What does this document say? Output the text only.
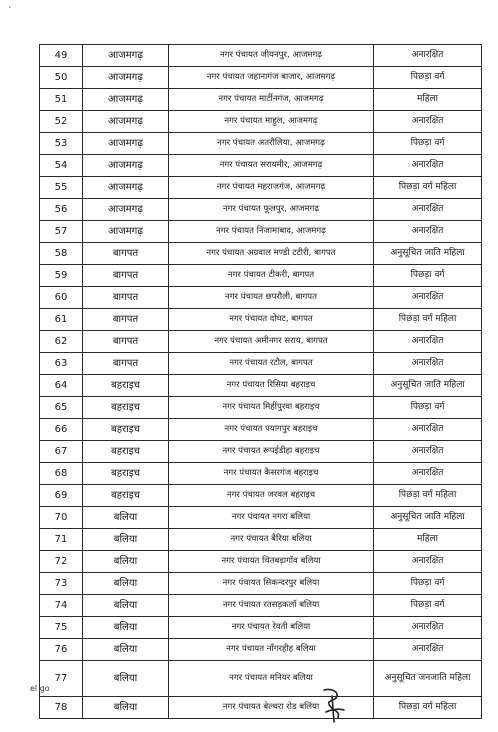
`
49	आजमगढ़	नगर पंचायत जीयनपुर, आजमगढ़	अनारक्षित
50	आजमगढ़	नगर पंचायत जहानागंज बाजार, आजमगढ़	पिछड़ा वर्ग
51	आजमगढ़	नगर पंचायत मार्टीनगंज, आजमगढ़	महिला
52	आजमगढ़	नगर पंचायत माहुल, आजमगढ़	अनारक्षित
53	आजमगढ़	नगर पंचायत अतरौलिया, आजमगढ़	पिछड़ा वर्ग
54	आजमगढ़	नगर पंचायत सरायमीर, आजमगढ़	अनारक्षित
55	आजमगढ़	नगर पंचायत महराजगंज, आजमगढ़	पिछड़ा वर्ग महिला
56	आजमगढ़	नगर पंचायत फूलपुर, आजमगढ़	अनारक्षित
57	आजमगढ़	नगर पंचायत निजामाबाद, आजमगढ़	अनारक्षित
58	बागपत	नगर पंचायत अग्रवाल मण्डी टटीरी, बागपत	अनुसूचित जाति महिला
59	बागपत	नगर पंचायत टीकरी, बागपत	पिछड़ा वर्ग
60	बागपत	नगर पंचायत छपरौली, बागपत	अनारक्षित
61	बागपत	नगर पंचायत दोघट, बागपत	पिछड़ा वर्ग महिला
62	बागपत	नगर पंचायत अमीनगर सराय, बागपत	अनारक्षित
63	बागपत	नगर पंचायत रटौल, बागपत	अनारक्षित
64	बहराइच	नगर पंचायत रिसिया बहराइच	अनुसूचित जाति महिला
65	बहराइच	नगर पंचायत मिहींपुरवा बहराइच	पिछड़ा वर्ग
66	बहराइच	नगर पंचायत पयागपुर बहराइच	अनारक्षित
67	बहराइच	नगर पंचायत रूपईडीहा बहराइच	अनारक्षित
68	बहराइच	नगर पंचायत कैसरगंज बहराइच	अनारक्षित
69	बहराइच	नगर पंचायत जरवल बहराइच	पिछड़ा वर्ग महिला
70	बलिया	नगर पंचायत नगरा बलिया	अनुसूचित जाति महिला
71	बलिया	नगर पंचायत बैरिया बलिया	महिला
72	बलिया	नगर पंचायत चितबड़ागॉव बलिया	अनारक्षित
73	बलिया	नगर पंचायत सिकन्दरपुर बलिया	पिछड़ा वर्ग
74	बलिया	नगर पंचायत रतसड़कलॉ बलिया	पिछड़ा वर्ग
75	बलिया	नगर पंचायत रेवती बलिया	अनारक्षित
76	बलिया	नगर पंचायत नॉंगरहीह बलिया	अनारक्षित
77	बलिया	नगर पंचायत मनियर बलिया	अनुसूचित जनजाति महिला
78	बलिया	नगर पंचायत बेल्थरा रोड बलिया	पिछड़ा वर्ग महिला
el go
